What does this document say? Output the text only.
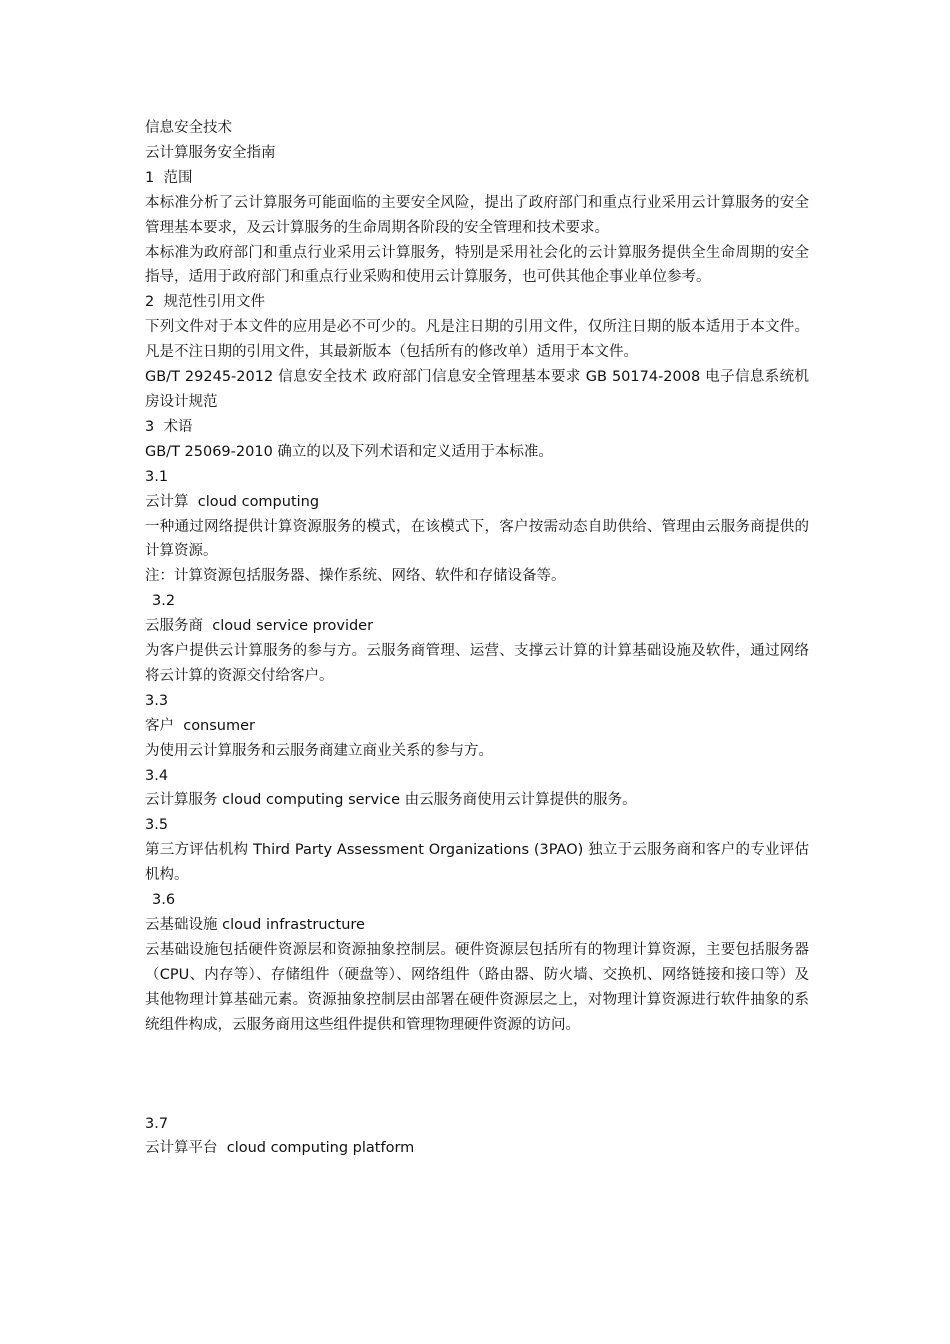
信息安全技术

云计算服务安全指南

1  范围

本标准分析了云计算服务可能面临的主要安全风险，提出了政府部门和重点行业采用云计算服务的安全管理基本要求，及云计算服务的生命周期各阶段的安全管理和技术要求。

本标准为政府部门和重点行业采用云计算服务，特别是采用社会化的云计算服务提供全生命周期的安全指导，适用于政府部门和重点行业采购和使用云计算服务，也可供其他企事业单位参考。

2  规范性引用文件

下列文件对于本文件的应用是必不可少的。凡是注日期的引用文件，仅所注日期的版本适用于本文件。凡是不注日期的引用文件，其最新版本（包括所有的修改单）适用于本文件。

GB/T 29245-2012 信息安全技术 政府部门信息安全管理基本要求 GB 50174-2008 电子信息系统机房设计规范

3  术语

GB/T 25069-2010 确立的以及下列术语和定义适用于本标准。

3.1

云计算  cloud computing

一种通过网络提供计算资源服务的模式，在该模式下，客户按需动态自助供给、管理由云服务商提供的计算资源。

注：计算资源包括服务器、操作系统、网络、软件和存储设备等。

3.2

云服务商  cloud service provider

为客户提供云计算服务的参与方。云服务商管理、运营、支撑云计算的计算基础设施及软件，通过网络将云计算的资源交付给客户。

3.3

客户  consumer

为使用云计算服务和云服务商建立商业关系的参与方。

3.4

云计算服务 cloud computing service 由云服务商使用云计算提供的服务。

3.5

第三方评估机构 Third Party Assessment Organizations (3PAO) 独立于云服务商和客户的专业评估机构。

3.6

云基础设施 cloud infrastructure

云基础设施包括硬件资源层和资源抽象控制层。硬件资源层包括所有的物理计算资源，主要包括服务器（CPU、内存等）、存储组件（硬盘等）、网络组件（路由器、防火墙、交换机、网络链接和接口等）及其他物理计算基础元素。资源抽象控制层由部署在硬件资源层之上，对物理计算资源进行软件抽象的系统组件构成，云服务商用这些组件提供和管理物理硬件资源的访问。

3.7

云计算平台  cloud computing platform
